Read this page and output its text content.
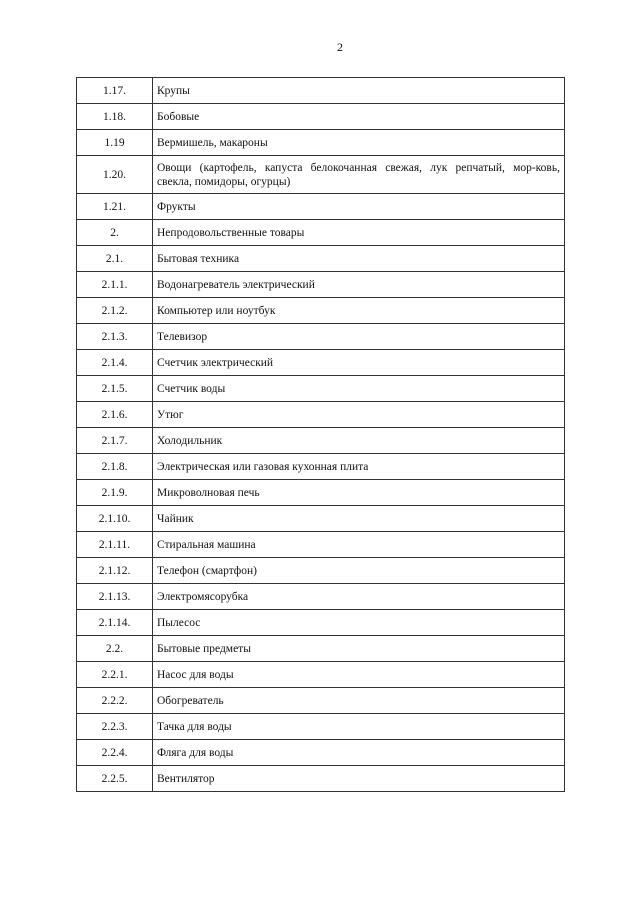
2
1.17.	Крупы
1.18.	Бобовые
1.19	Вермишель, макароны
1.20.	Овощи (картофель, капуста белокочанная свежая, лук репчатый, мор-ковь, свекла, помидоры, огурцы)
1.21.	Фрукты
2.	Непродовольственные товары
2.1.	Бытовая техника
2.1.1.	Водонагреватель электрический
2.1.2.	Компьютер или ноутбук
2.1.3.	Телевизор
2.1.4.	Счетчик электрический
2.1.5.	Счетчик воды
2.1.6.	Утюг
2.1.7.	Холодильник
2.1.8.	Электрическая или газовая кухонная плита
2.1.9.	Микроволновая печь
2.1.10.	Чайник
2.1.11.	Стиральная машина
2.1.12.	Телефон (смартфон)
2.1.13.	Электромясорубка
2.1.14.	Пылесос
2.2.	Бытовые предметы
2.2.1.	Насос для воды
2.2.2.	Обогреватель
2.2.3.	Тачка для воды
2.2.4.	Фляга для воды
2.2.5.	Вентилятор
